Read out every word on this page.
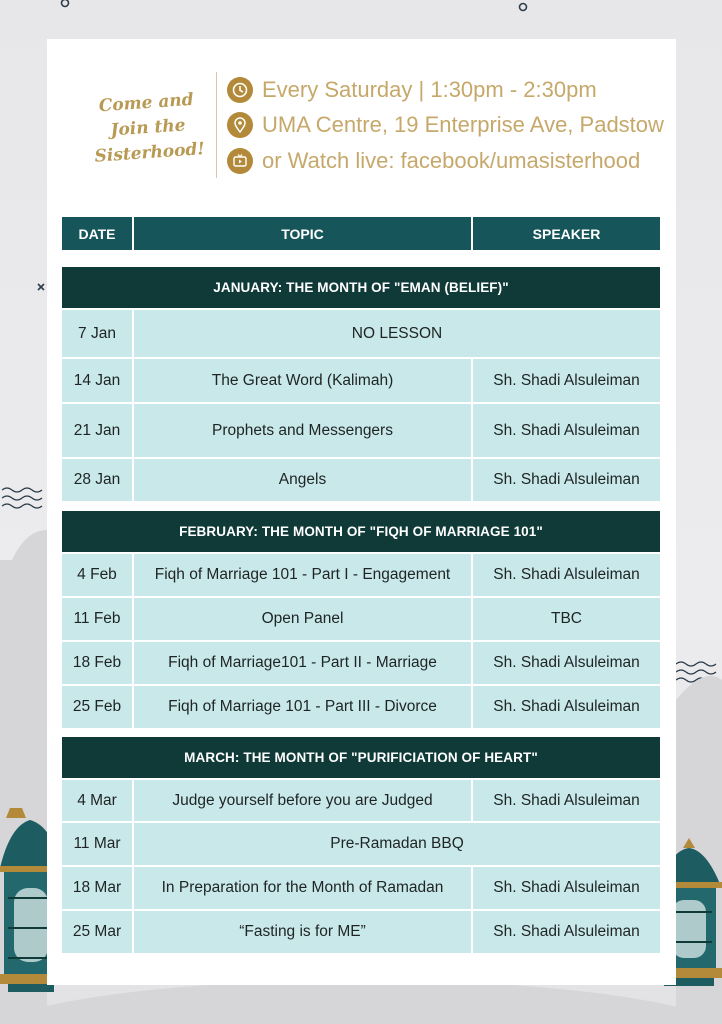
Come and
Join the
Sisterhood!
Every Saturday | 1:30pm - 2:30pm
UMA Centre, 19 Enterprise Ave, Padstow
or Watch live: facebook/umasisterhood
DATE	TOPIC	SPEAKER
JANUARY: THE MONTH OF "EMAN (BELIEF)"
7 Jan	NO LESSON
14 Jan	The Great Word (Kalimah)	Sh. Shadi Alsuleiman
21 Jan	Prophets and Messengers	Sh. Shadi Alsuleiman
28 Jan	Angels	Sh. Shadi Alsuleiman
FEBRUARY: THE MONTH OF "FIQH OF MARRIAGE 101"
4 Feb	Fiqh of Marriage 101 - Part I - Engagement	Sh. Shadi Alsuleiman
11 Feb	Open Panel	TBC
18 Feb	Fiqh of Marriage101 - Part II - Marriage	Sh. Shadi Alsuleiman
25 Feb	Fiqh of Marriage 101 - Part III - Divorce	Sh. Shadi Alsuleiman
MARCH: THE MONTH OF "PURIFICIATION OF HEART"
4 Mar	Judge yourself before you are Judged	Sh. Shadi Alsuleiman
11 Mar	Pre-Ramadan BBQ
18 Mar	In Preparation for the Month of Ramadan	Sh. Shadi Alsuleiman
25 Mar	“Fasting is for ME”	Sh. Shadi Alsuleiman
